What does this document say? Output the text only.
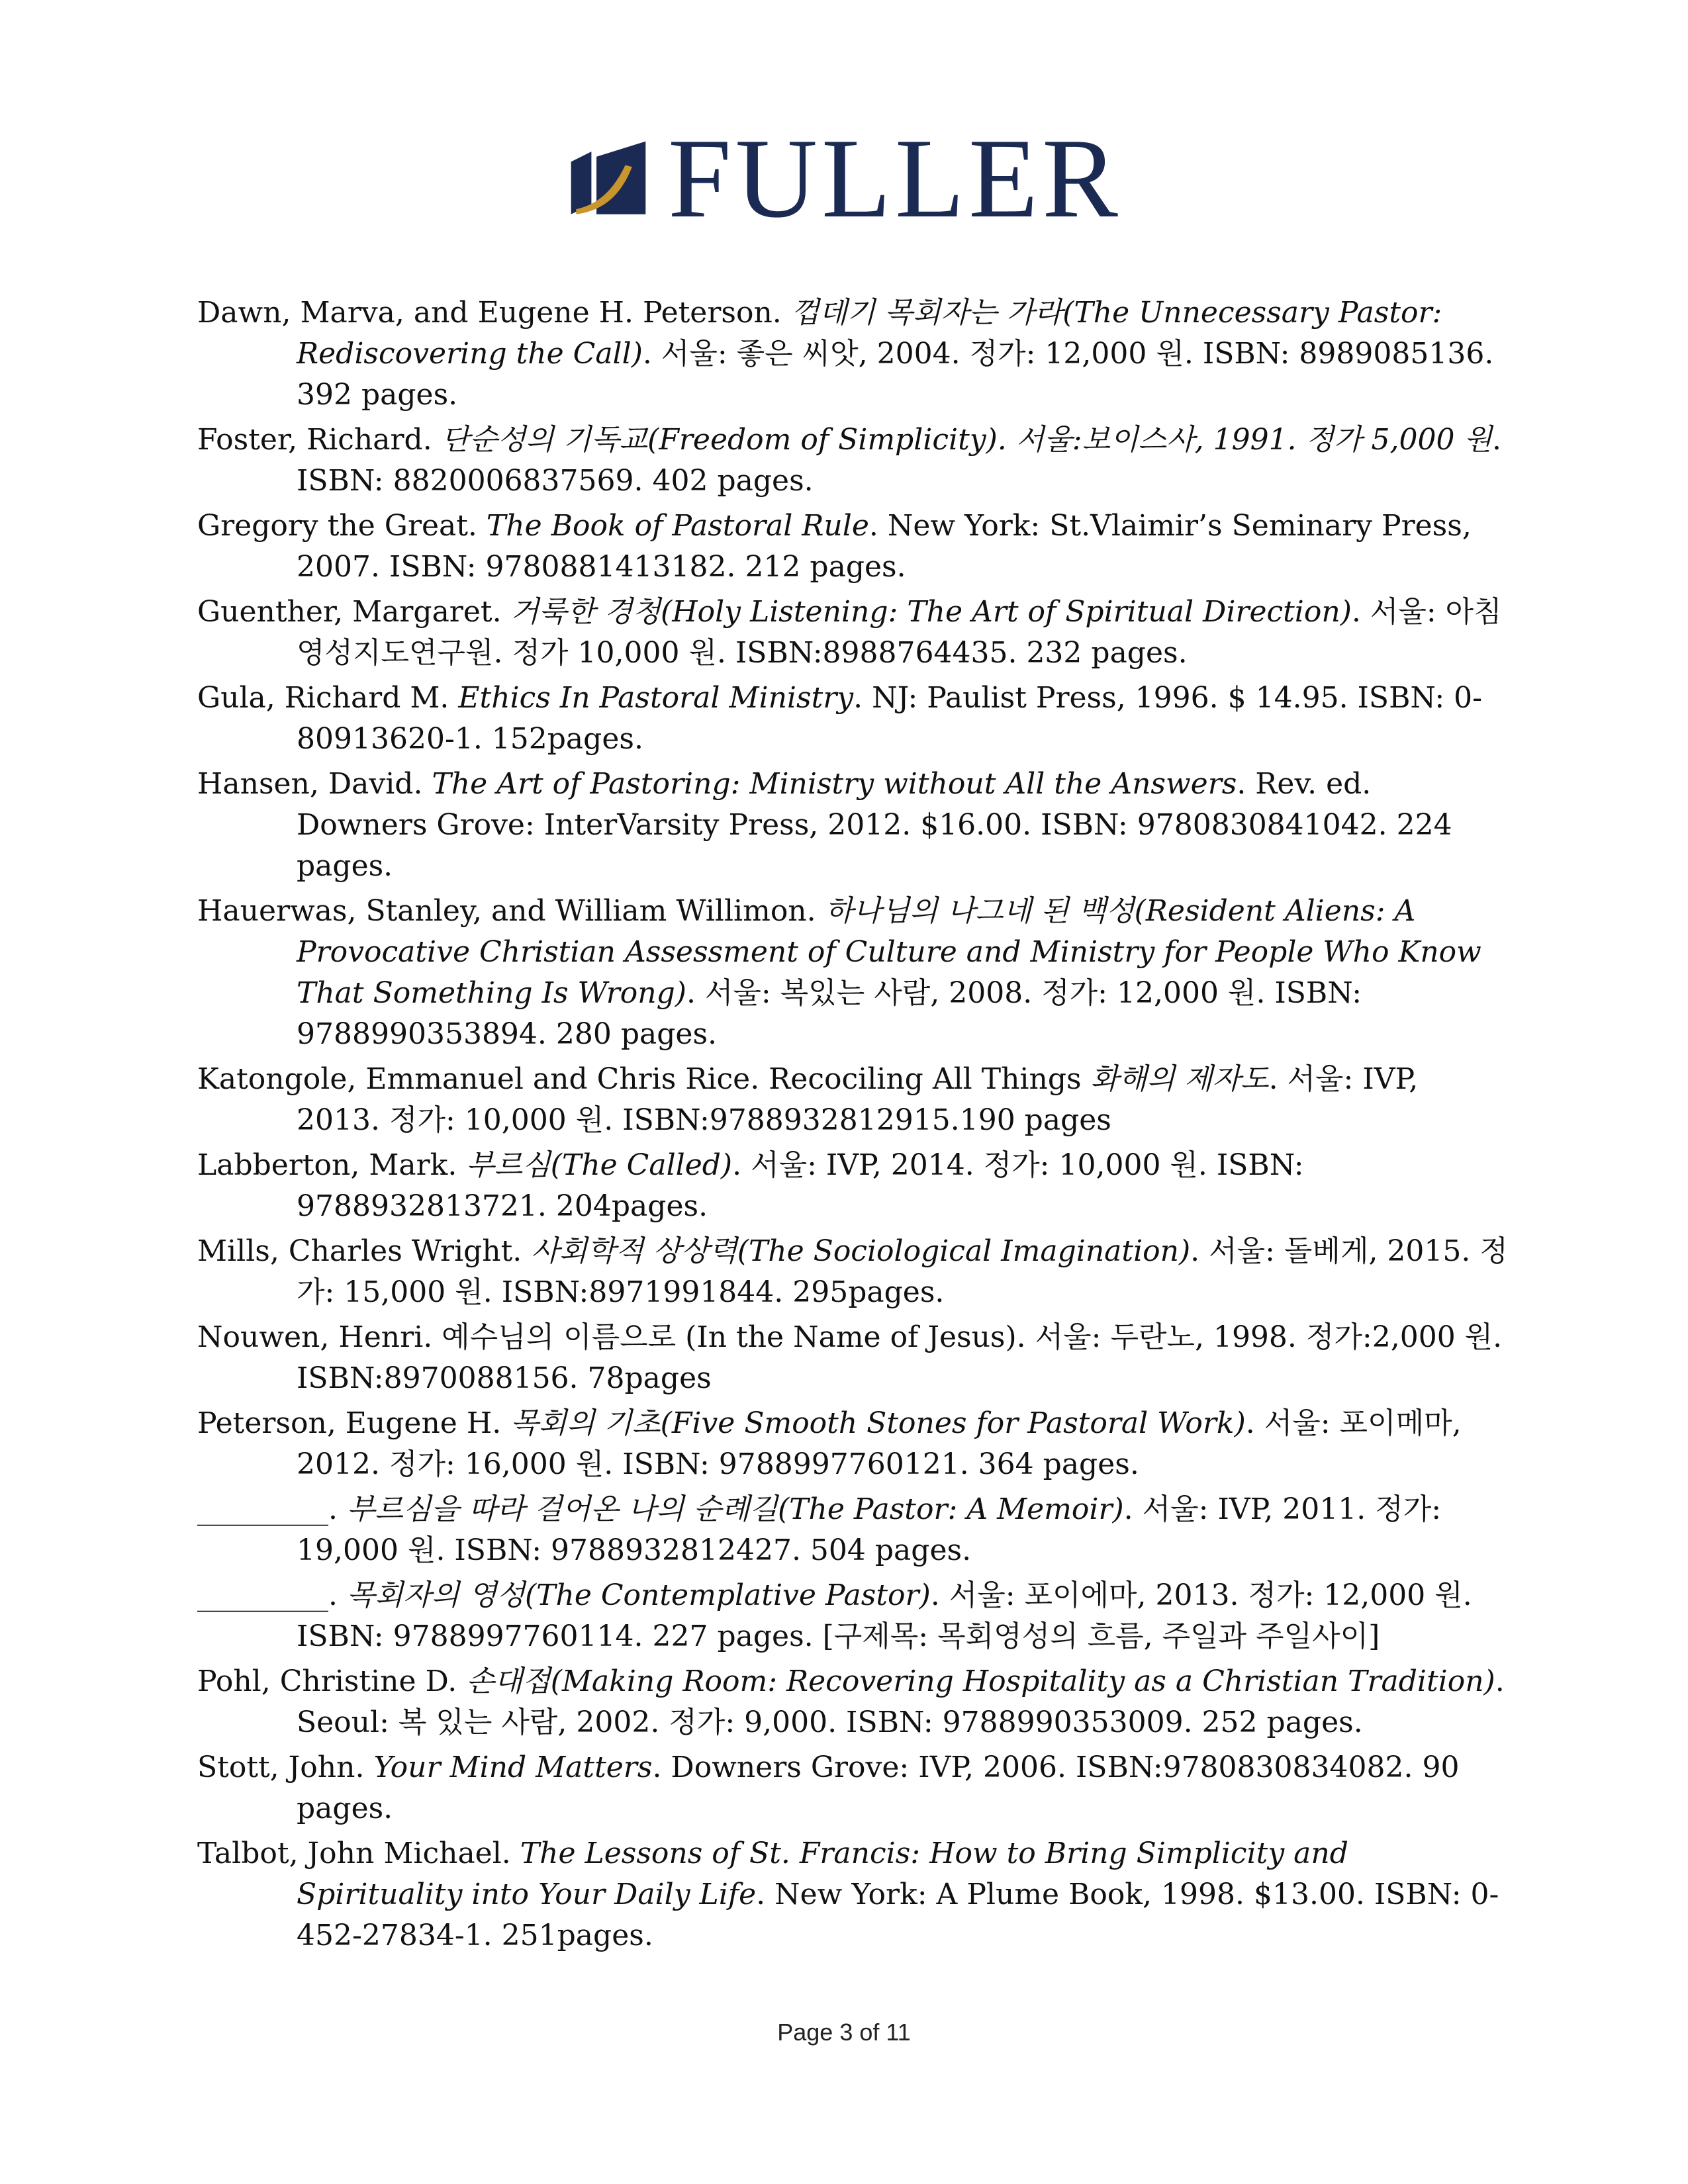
FULLER

Dawn, Marva, and Eugene H. Peterson. 껍데기 목회자는 가라(The Unnecessary Pastor: Rediscovering the Call). 서울: 좋은 씨앗, 2004. 정가: 12,000 원. ISBN: 8989085136. 392 pages.

Foster, Richard. 단순성의 기독교(Freedom of Simplicity). 서울:보이스사, 1991. 정가 5,000 원. ISBN: 8820006837569. 402 pages.

Gregory the Great. The Book of Pastoral Rule. New York: St.Vlaimir’s Seminary Press, 2007. ISBN: 9780881413182. 212 pages.

Guenther, Margaret. 거룩한 경청(Holy Listening: The Art of Spiritual Direction). 서울: 아침영성지도연구원. 정가 10,000 원. ISBN:8988764435. 232 pages.

Gula, Richard M. Ethics In Pastoral Ministry. NJ: Paulist Press, 1996. $ 14.95. ISBN: 0-80913620-1. 152pages.

Hansen, David. The Art of Pastoring: Ministry without All the Answers. Rev. ed. Downers Grove: InterVarsity Press, 2012. $16.00. ISBN: 9780830841042. 224 pages.

Hauerwas, Stanley, and William Willimon. 하나님의 나그네 된 백성(Resident Aliens: A Provocative Christian Assessment of Culture and Ministry for People Who Know That Something Is Wrong). 서울: 복있는 사람, 2008. 정가: 12,000 원. ISBN: 9788990353894. 280 pages.

Katongole, Emmanuel and Chris Rice. Recociling All Things 화해의 제자도. 서울: IVP, 2013. 정가: 10,000 원. ISBN:9788932812915.190 pages

Labberton, Mark. 부르심(The Called). 서울: IVP, 2014. 정가: 10,000 원. ISBN: 9788932813721. 204pages.

Mills, Charles Wright. 사회학적 상상력(The Sociological Imagination). 서울: 돌베게, 2015. 정가: 15,000 원. ISBN:8971991844. 295pages.

Nouwen, Henri. 예수님의 이름으로 (In the Name of Jesus). 서울: 두란노, 1998. 정가:2,000 원. ISBN:8970088156. 78pages

Peterson, Eugene H. 목회의 기초(Five Smooth Stones for Pastoral Work). 서울: 포이메마, 2012. 정가: 16,000 원. ISBN: 9788997760121. 364 pages.

_________. 부르심을 따라 걸어온 나의 순례길(The Pastor: A Memoir). 서울: IVP, 2011. 정가: 19,000 원. ISBN: 9788932812427. 504 pages.

_________. 목회자의 영성(The Contemplative Pastor). 서울: 포이에마, 2013. 정가: 12,000 원. ISBN: 9788997760114. 227 pages. [구제목: 목회영성의 흐름, 주일과 주일사이]

Pohl, Christine D. 손대접(Making Room: Recovering Hospitality as a Christian Tradition). Seoul: 복 있는 사람, 2002. 정가: 9,000. ISBN: 9788990353009. 252 pages.

Stott, John. Your Mind Matters. Downers Grove: IVP, 2006. ISBN:9780830834082. 90 pages.

Talbot, John Michael. The Lessons of St. Francis: How to Bring Simplicity and Spirituality into Your Daily Life. New York: A Plume Book, 1998. $13.00. ISBN: 0-452-27834-1. 251pages.

Page 3 of 11
